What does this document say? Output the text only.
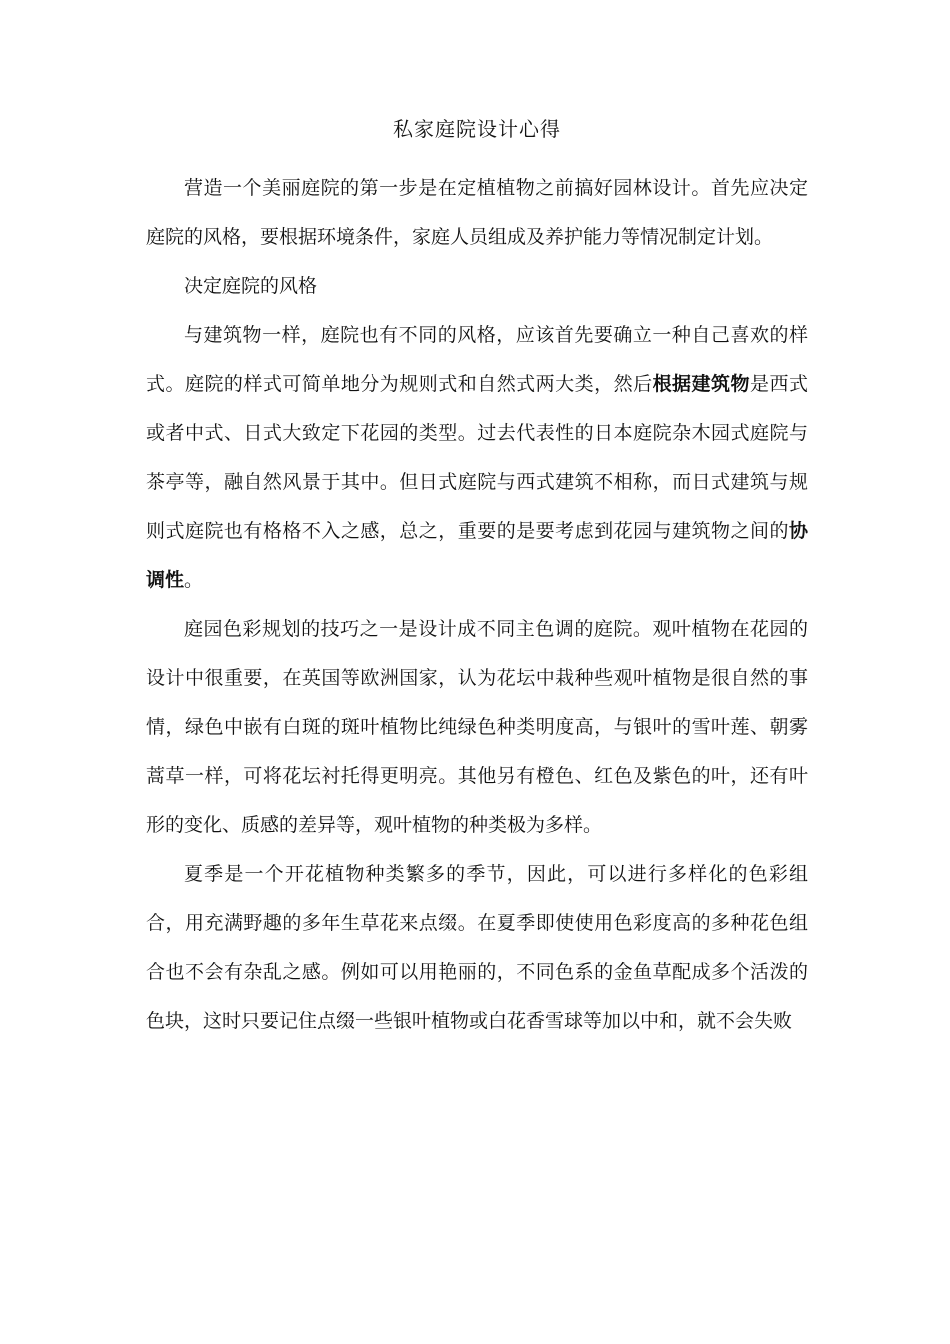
私家庭院设计心得

营造一个美丽庭院的第一步是在定植植物之前搞好园林设计。首先应决定庭院的风格，要根据环境条件，家庭人员组成及养护能力等情况制定计划。

决定庭院的风格

与建筑物一样，庭院也有不同的风格，应该首先要确立一种自己喜欢的样式。庭院的样式可简单地分为规则式和自然式两大类，然后根据建筑物是西式或者中式、日式大致定下花园的类型。过去代表性的日本庭院杂木园式庭院与茶亭等，融自然风景于其中。但日式庭院与西式建筑不相称，而日式建筑与规则式庭院也有格格不入之感，总之，重要的是要考虑到花园与建筑物之间的协调性。

庭园色彩规划的技巧之一是设计成不同主色调的庭院。观叶植物在花园的设计中很重要，在英国等欧洲国家，认为花坛中栽种些观叶植物是很自然的事情，绿色中嵌有白斑的斑叶植物比纯绿色种类明度高，与银叶的雪叶莲、朝雾蒿草一样，可将花坛衬托得更明亮。其他另有橙色、红色及紫色的叶，还有叶形的变化、质感的差异等，观叶植物的种类极为多样。

夏季是一个开花植物种类繁多的季节，因此，可以进行多样化的色彩组合，用充满野趣的多年生草花来点缀。在夏季即使使用色彩度高的多种花色组合也不会有杂乱之感。例如可以用艳丽的，不同色系的金鱼草配成多个活泼的色块，这时只要记住点缀一些银叶植物或白花香雪球等加以中和，就不会失败
